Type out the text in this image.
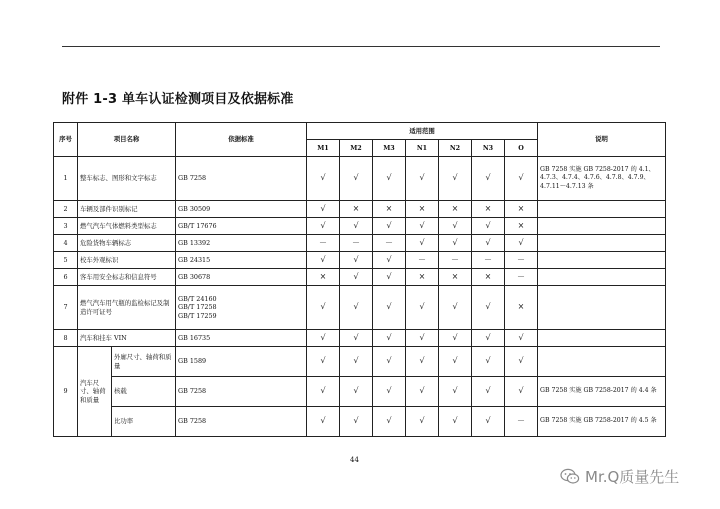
附件 1-3 单车认证检测项目及依据标准
序号	项目名称		依据标准	适用范围							说明
				M1	M2	M3	N1	N2	N3	O	
1	整车标志、图形和文字标志		GB 7258	√	√	√	√	√	√	√	GB 7258 实施 GB 7258-2017 的 4.1、4.7.3、4.7.4、4.7.6、4.7.8、4.7.9、4.7.11～4.7.13 条
2	车辆及部件识别标记		GB 30509	√	×	×	×	×	×	×	
3	燃气汽车气体燃料类型标志		GB/T 17676	√	√	√	√	√	√	×	
4	危险货物车辆标志		GB 13392	－	－	－	√	√	√	√	
5	校车外观标识		GB 24315	√	√	√	－	－	－	－	
6	客车用安全标志和信息符号		GB 30678	×	√	√	×	×	×	－	
7	燃气汽车用气瓶的监检标记及制造许可证号		GB/T 24160
GB/T 17258
GB/T 17259	√	√	√	√	√	√	×	
8	汽车和挂车 VIN		GB 16735	√	√	√	√	√	√	√	
9	汽车尺寸、轴荷和质量	外廓尺寸、轴荷和质量	GB 1589	√	√	√	√	√	√	√	
		核载	GB 7258	√	√	√	√	√	√	√	GB 7258 实施 GB 7258-2017 的 4.4 条
		比功率	GB 7258	√	√	√	√	√	√	－	GB 7258 实施 GB 7258-2017 的 4.5 条
44
Mr.Q质量先生
